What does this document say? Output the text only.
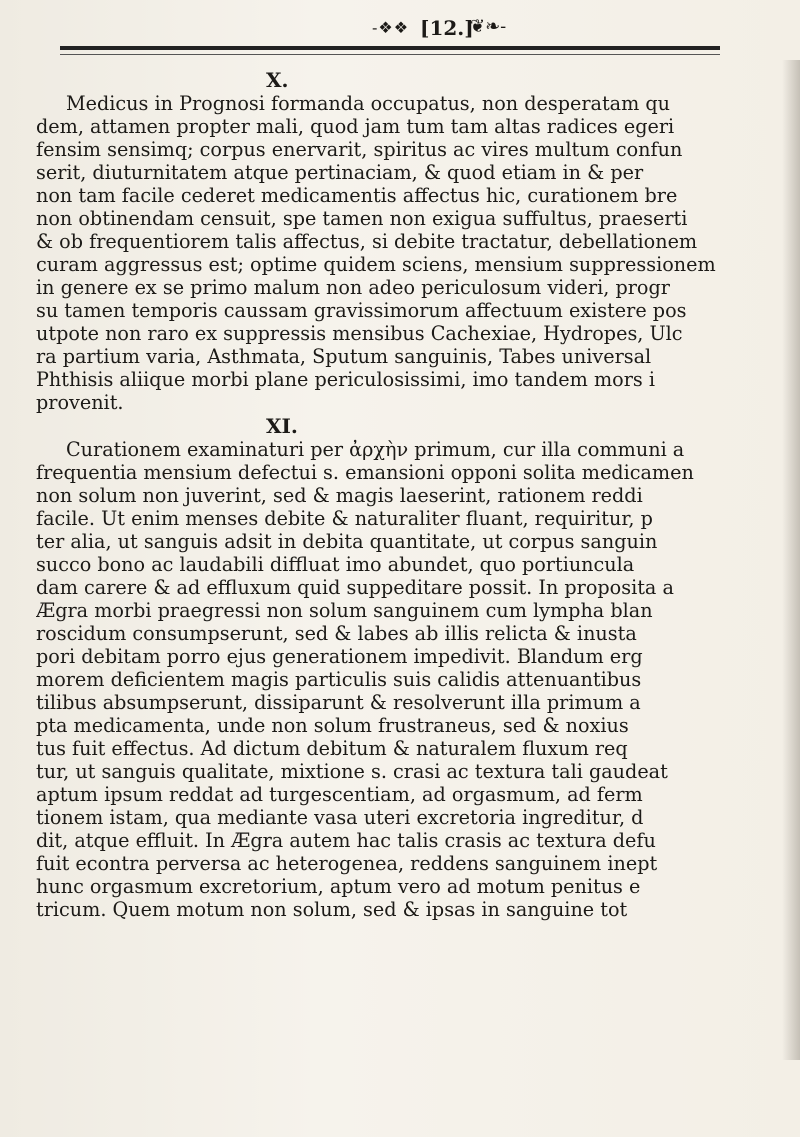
-❖❖ [12.]
❦❧-
X.
Medicus in Prognosi formanda occupatus, non desperatam qu
dem, attamen propter mali, quod jam tum tam altas radices egeri
fensim sensimq; corpus enervarit, spiritus ac vires multum confun
serit, diuturnitatem atque pertinaciam, & quod etiam in & per
non tam facile cederet medicamentis affectus hic, curationem bre
non obtinendam censuit, spe tamen non exigua suffultus, praeserti
& ob frequentiorem talis affectus, si debite tractatur, debellationem
curam aggressus est; optime quidem sciens, mensium suppressionem
in genere ex se primo malum non adeo periculosum videri, progr
su tamen temporis caussam gravissimorum affectuum existere pos
utpote non raro ex suppressis mensibus Cachexiae, Hydropes, Ulc
ra partium varia, Asthmata, Sputum sanguinis, Tabes universal
Phthisis aliique morbi plane periculosissimi, imo tandem mors i
provenit.
XI.
Curationem examinaturi per ἀρχὴν primum, cur illa communi a
frequentia mensium defectui s. emansioni opponi solita medicamen
non solum non juverint, sed & magis laeserint, rationem reddi
facile. Ut enim menses debite & naturaliter fluant, requiritur, p
ter alia, ut sanguis adsit in debita quantitate, ut corpus sanguin
succo bono ac laudabili diffluat imo abundet, quo portiuncula
dam carere & ad effluxum quid suppeditare possit. In proposita a
Ægra morbi praegressi non solum sanguinem cum lympha blan
roscidum consumpserunt, sed & labes ab illis relicta & inusta
pori debitam porro ejus generationem impedivit. Blandum erg
morem deficientem magis particulis suis calidis attenuantibus
tilibus absumpserunt, dissiparunt & resolverunt illa primum a
pta medicamenta, unde non solum frustraneus, sed & noxius
tus fuit effectus. Ad dictum debitum & naturalem fluxum req
tur, ut sanguis qualitate, mixtione s. crasi ac textura tali gaudeat
aptum ipsum reddat ad turgescentiam, ad orgasmum, ad ferm
tionem istam, qua mediante vasa uteri excretoria ingreditur, d
dit, atque effluit. In Ægra autem hac talis crasis ac textura defu
fuit econtra perversa ac heterogenea, reddens sanguinem inept
hunc orgasmum excretorium, aptum vero ad motum penitus e
tricum. Quem motum non solum, sed & ipsas in sanguine tot
